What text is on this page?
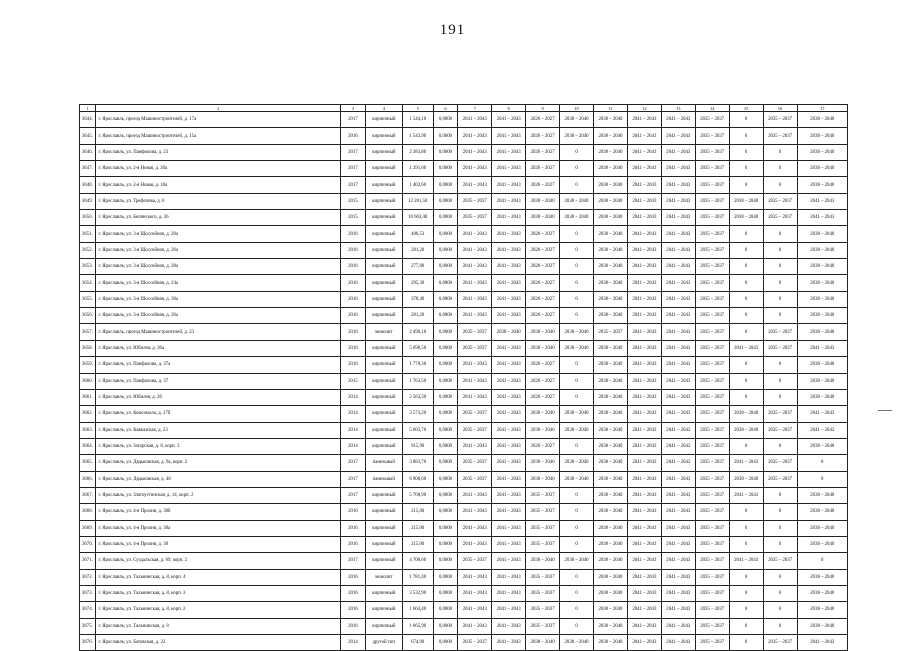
191
1	2	3	4	5	6	7	8	9	10	11	12	13	14	15	16	17
3644.	г. Ярославль, проезд Машиностроителей, д. 17а	2017	кирпичный	1 544,10	0,0000	2041 – 2043	2041 – 2043	2026 – 2027	2038 – 2040	2038 – 2040	2041 – 2043	2041 – 2043	2035 – 2037	0	2035 – 2037	2038 – 2040
3645.	г. Ярославль, проезд Машиностроителей, д. 15а	2016	кирпичный	1 543,90	0,0000	2041 – 2043	2041 – 2043	2026 – 2027	2038 – 2040	2038 – 2040	2041 – 2043	2041 – 2043	2035 – 2037	0	2035 – 2037	2038 – 2040
3646.	г. Ярославль, ул. Панфилова, д. 23	2017	кирпичный	2 383,80	0,0000	2041 – 2043	2041 – 2043	2026 – 2027	0	2038 – 2040	2041 – 2043	2041 – 2043	2035 – 2037	0	0	2038 – 2040
3647.	г. Ярославль, ул. 2-я Новая, д. 20а	2017	кирпичный	1 391,60	0,0000	2041 – 2043	2041 – 2043	2026 – 2027	0	2038 – 2040	2041 – 2043	2041 – 2043	2035 – 2037	0	0	2038 – 2040
3648.	г. Ярославль, ул. 2-я Новая, д. 18а	2017	кирпичный	1 402,60	0,0000	2041 – 2043	2041 – 2043	2026 – 2027	0	2038 – 2040	2041 – 2043	2041 – 2043	2035 – 2037	0	0	2038 – 2040
3649.	г. Ярославль, ул. Трефолева, д. 6	2015	кирпичный	12 281,50	0,0000	2035 – 2037	2041 – 2043	2038 – 2040	2038 – 2040	2038 – 2040	2041 – 2043	2041 – 2043	2035 – 2037	2038 – 2040	2035 – 2037	2041 – 2043
3650.	г. Ярославль, ул. Белинского, д. 36	2015	кирпичный	10 663,40	0,0000	2035 – 2037	2041 – 2043	2038 – 2040	2038 – 2040	2038 – 2040	2041 – 2043	2041 – 2043	2035 – 2037	2038 – 2040	2035 – 2037	2041 – 2043
3651.	г. Ярославль, ул. 3-я Шоссейная, д. 20а	2016	кирпичный	486,53	0,0000	2041 – 2043	2041 – 2043	2026 – 2027	0	2038 – 2040	2041 – 2043	2041 – 2043	2035 – 2037	0	0	2038 – 2040
3652.	г. Ярославль, ул. 3-я Шоссейная, д. 26а	2016	кирпичный	281,20	0,0000	2041 – 2043	2041 – 2043	2026 – 2027	0	2038 – 2040	2041 – 2043	2041 – 2043	2035 – 2037	0	0	2038 – 2040
3653.	г. Ярославль, ул. 3-я Шоссейная, д. 28а	2016	кирпичный	277,80	0,0000	2041 – 2043	2041 – 2043	2026 – 2027	0	2038 – 2040	2041 – 2043	2041 – 2043	2035 – 2037	0	0	2038 – 2040
3654.	г. Ярославль, ул. 3-я Шоссейная, д. 24а	2016	кирпичный	295,30	0,0000	2041 – 2043	2041 – 2043	2026 – 2027	0	2038 – 2040	2041 – 2043	2041 – 2043	2035 – 2037	0	0	2038 – 2040
3655.	г. Ярославль, ул. 3-я Шоссейная, д. 30а	2016	кирпичный	370,40	0,0000	2041 – 2043	2041 – 2043	2026 – 2027	0	2038 – 2040	2041 – 2043	2041 – 2043	2035 – 2037	0	0	2038 – 2040
3656.	г. Ярославль, ул. 3-я Шоссейная, д. 26а	2016	кирпичный	281,20	0,0000	2041 – 2043	2041 – 2043	2026 – 2027	0	2038 – 2040	2041 – 2043	2041 – 2043	2035 – 2037	0	0	2038 – 2040
3657.	г. Ярославль, проезд Машиностроителей, д. 23	2016	монолит	2 490,10	0,0000	2035 – 2037	2038 – 2040	2038 – 2040	2038 – 2040	2035 – 2037	2041 – 2043	2041 – 2043	2035 – 2037	0	2035 – 2037	2038 – 2040
3658.	г. Ярославль, ул. Юбилея, д. 36а	2016	кирпичный	5 698,50	0,0000	2035 – 2037	2041 – 2043	2038 – 2040	2038 – 2040	2038 – 2040	2041 – 2043	2041 – 2043	2035 – 2037	2041 – 2043	2035 – 2037	2041 – 2043
3659.	г. Ярославль, ул. Панфилова, д. 37а	2016	кирпичный	1 778,30	0,0000	2041 – 2043	2041 – 2043	2026 – 2027	0	2038 – 2040	2041 – 2043	2041 – 2043	2035 – 2037	0	0	2038 – 2040
3660.	г. Ярославль, ул. Панфилова, д. 37	2015	кирпичный	1 763,50	0,0000	2041 – 2043	2041 – 2043	2026 – 2027	0	2038 – 2040	2041 – 2043	2041 – 2043	2035 – 2037	0	0	2038 – 2040
3661.	г. Ярославль, ул. Юбилея, д. 26	2014	кирпичный	2 563,30	0,0000	2041 – 2043	2041 – 2043	2026 – 2027	0	2038 – 2040	2041 – 2043	2041 – 2043	2035 – 2037	0	0	2038 – 2040
3662.	г. Ярославль, ул. Комсомола, д. 27б	2014	кирпичный	3 573,20	0,0000	2035 – 2037	2041 – 2043	2038 – 2040	2038 – 2040	2038 – 2040	2041 – 2043	2041 – 2043	2035 – 2037	2038 – 2040	2035 – 2037	2041 – 2043
3663.	г. Ярославль, ул. Кавказская, д. 23	2014	кирпичный	5 603,70	0,0000	2035 – 2037	2041 – 2043	2038 – 2040	2038 – 2040	2038 – 2040	2041 – 2043	2041 – 2043	2035 – 2037	2038 – 2040	2035 – 2037	2041 – 2043
3664.	г. Ярославль, ул. Загорская, д. 8, корп. 3	2014	кирпичный	915,90	0,0000	2041 – 2043	2041 – 2043	2026 – 2027	0	2038 – 2040	2041 – 2043	2041 – 2043	2035 – 2037	0	0	2038 – 2040
3665.	г. Ярославль, ул. Дядьковская, д. 9а, корп. 2	2017	панельный	3 883,70	0,0000	2035 – 2037	2041 – 2043	2038 – 2040	2038 – 2040	2038 – 2040	2041 – 2043	2041 – 2043	2035 – 2037	2041 – 2043	2035 – 2037	0
3666.	г. Ярославль, ул. Дядьковская, д. 48	2017	панельный	6 908,60	0,0000	2035 – 2037	2041 – 2043	2038 – 2040	2038 – 2040	2038 – 2040	2041 – 2043	2041 – 2043	2035 – 2037	2038 – 2040	2035 – 2037	0
3667.	г. Ярославль, ул. Златоустинская, д. 14, корп. 2	2017	кирпичный	5 768,90	0,0000	2041 – 2043	2041 – 2043	2035 – 2037	0	2038 – 2040	2041 – 2043	2041 – 2043	2035 – 2037	2041 – 2043	0	2038 – 2040
3668.	г. Ярославль, ул. 4-я Пролив, д. 38б	2016	кирпичный	215,00	0,0000	2041 – 2043	2041 – 2043	2035 – 2037	0	2038 – 2040	2041 – 2043	2041 – 2043	2035 – 2037	0	0	2038 – 2040
3669.	г. Ярославль, ул. 4-я Пролив, д. 38а	2016	кирпичный	215,00	0,0000	2041 – 2043	2041 – 2043	2035 – 2037	0	2038 – 2040	2041 – 2043	2041 – 2043	2035 – 2037	0	0	2038 – 2040
3670.	г. Ярославль, ул. 4-я Пролив, д. 38	2016	кирпичный	215,00	0,0000	2041 – 2043	2041 – 2043	2035 – 2037	0	2038 – 2040	2041 – 2043	2041 – 2043	2035 – 2037	0	0	2038 – 2040
3671.	г. Ярославль, ул. Суздальская, д. 69, корп. 2	2017	кирпичный	4 708,60	0,0000	2035 – 2037	2041 – 2043	2038 – 2040	2038 – 2040	2038 – 2040	2041 – 2043	2041 – 2043	2035 – 2037	2041 – 2043	2035 – 2037	0
3672.	г. Ярославль, ул. Тальнинская, д. 8, корп. 4	2016	монолит	1 781,40	0,0000	2041 – 2043	2041 – 2043	2035 – 2037	0	2038 – 2040	2041 – 2043	2041 – 2043	2035 – 2037	0	0	2038 – 2040
3673.	г. Ярославль, ул. Тальнинская, д. 8, корп. 3	2016	кирпичный	3 532,90	0,0000	2041 – 2043	2041 – 2043	2035 – 2037	0	2038 – 2040	2041 – 2043	2041 – 2043	2035 – 2037	0	0	2038 – 2040
3674.	г. Ярославль, ул. Тальнинская, д. 8, корп. 2	2016	кирпичный	1 664,40	0,0000	2041 – 2043	2041 – 2043	2035 – 2037	0	2038 – 2040	2041 – 2043	2041 – 2043	2035 – 2037	0	0	2038 – 2040
3675.	г. Ярославль, ул. Тальнинская, д. 8	2016	кирпичный	1 665,90	0,0000	2041 – 2043	2041 – 2043	2035 – 2037	0	2038 – 2040	2041 – 2043	2041 – 2043	2035 – 2037	0	0	2038 – 2040
3676.	г. Ярославль, ул. Батовская, д. 22	2014	другой тип	674,90	0,0000	2035 – 2037	2041 – 2043	2038 – 2040	2038 – 2040	2038 – 2040	2041 – 2043	2041 – 2043	2035 – 2037	0	2035 – 2037	2041 – 2043
